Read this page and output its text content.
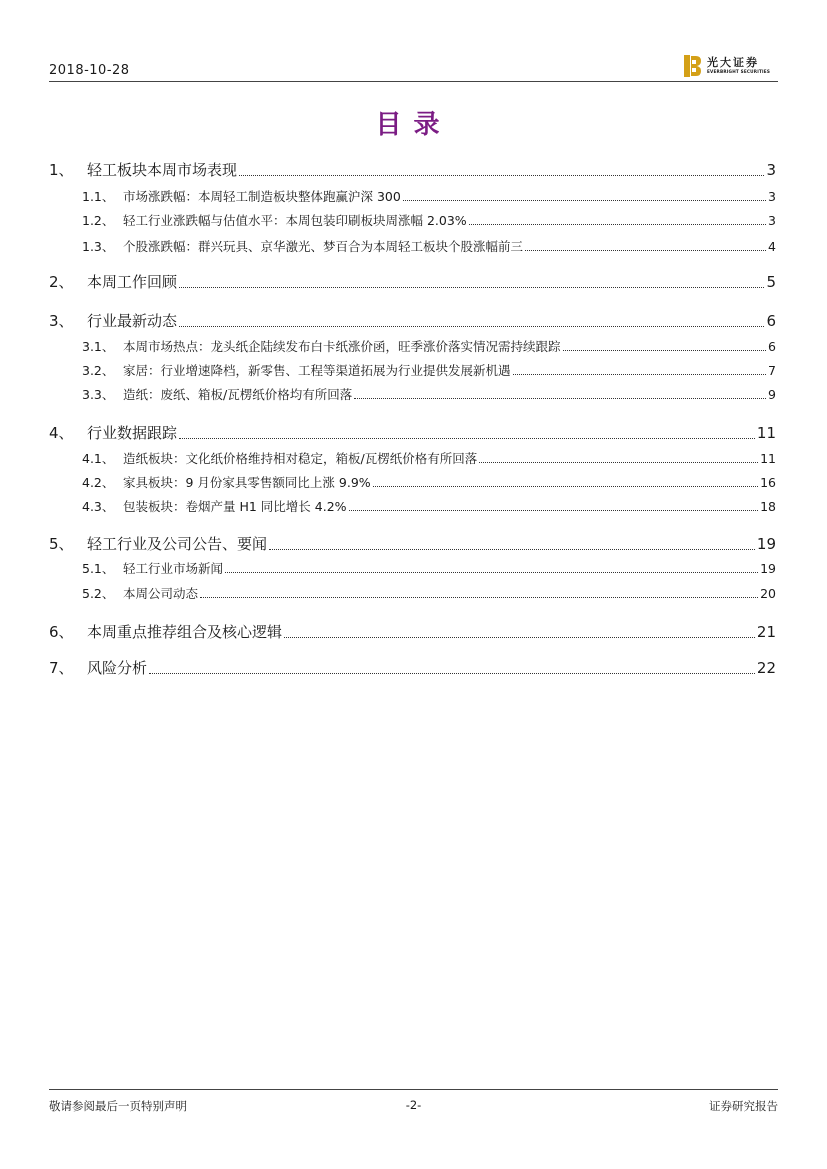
2018-10-28
光大证券
EVERBRIGHT SECURITIES
目录
1、 轻工板块本周市场表现	3
1.1、 市场涨跌幅：本周轻工制造板块整体跑赢沪深 300	3
1.2、 轻工行业涨跌幅与估值水平：本周包装印刷板块周涨幅 2.03%	3
1.3、 个股涨跌幅：群兴玩具、京华激光、梦百合为本周轻工板块个股涨幅前三	4
2、 本周工作回顾	5
3、 行业最新动态	6
3.1、 本周市场热点：龙头纸企陆续发布白卡纸涨价函，旺季涨价落实情况需持续跟踪	6
3.2、 家居：行业增速降档，新零售、工程等渠道拓展为行业提供发展新机遇	7
3.3、 造纸：废纸、箱板/瓦楞纸价格均有所回落	9
4、 行业数据跟踪	11
4.1、 造纸板块：文化纸价格维持相对稳定，箱板/瓦楞纸价格有所回落	11
4.2、 家具板块：9 月份家具零售额同比上涨 9.9%	16
4.3、 包装板块：卷烟产量 H1 同比增长 4.2%	18
5、 轻工行业及公司公告、要闻	19
5.1、 轻工行业市场新闻	19
5.2、 本周公司动态	20
6、 本周重点推荐组合及核心逻辑	21
7、 风险分析	22
敬请参阅最后一页特别声明	-2-	证券研究报告
